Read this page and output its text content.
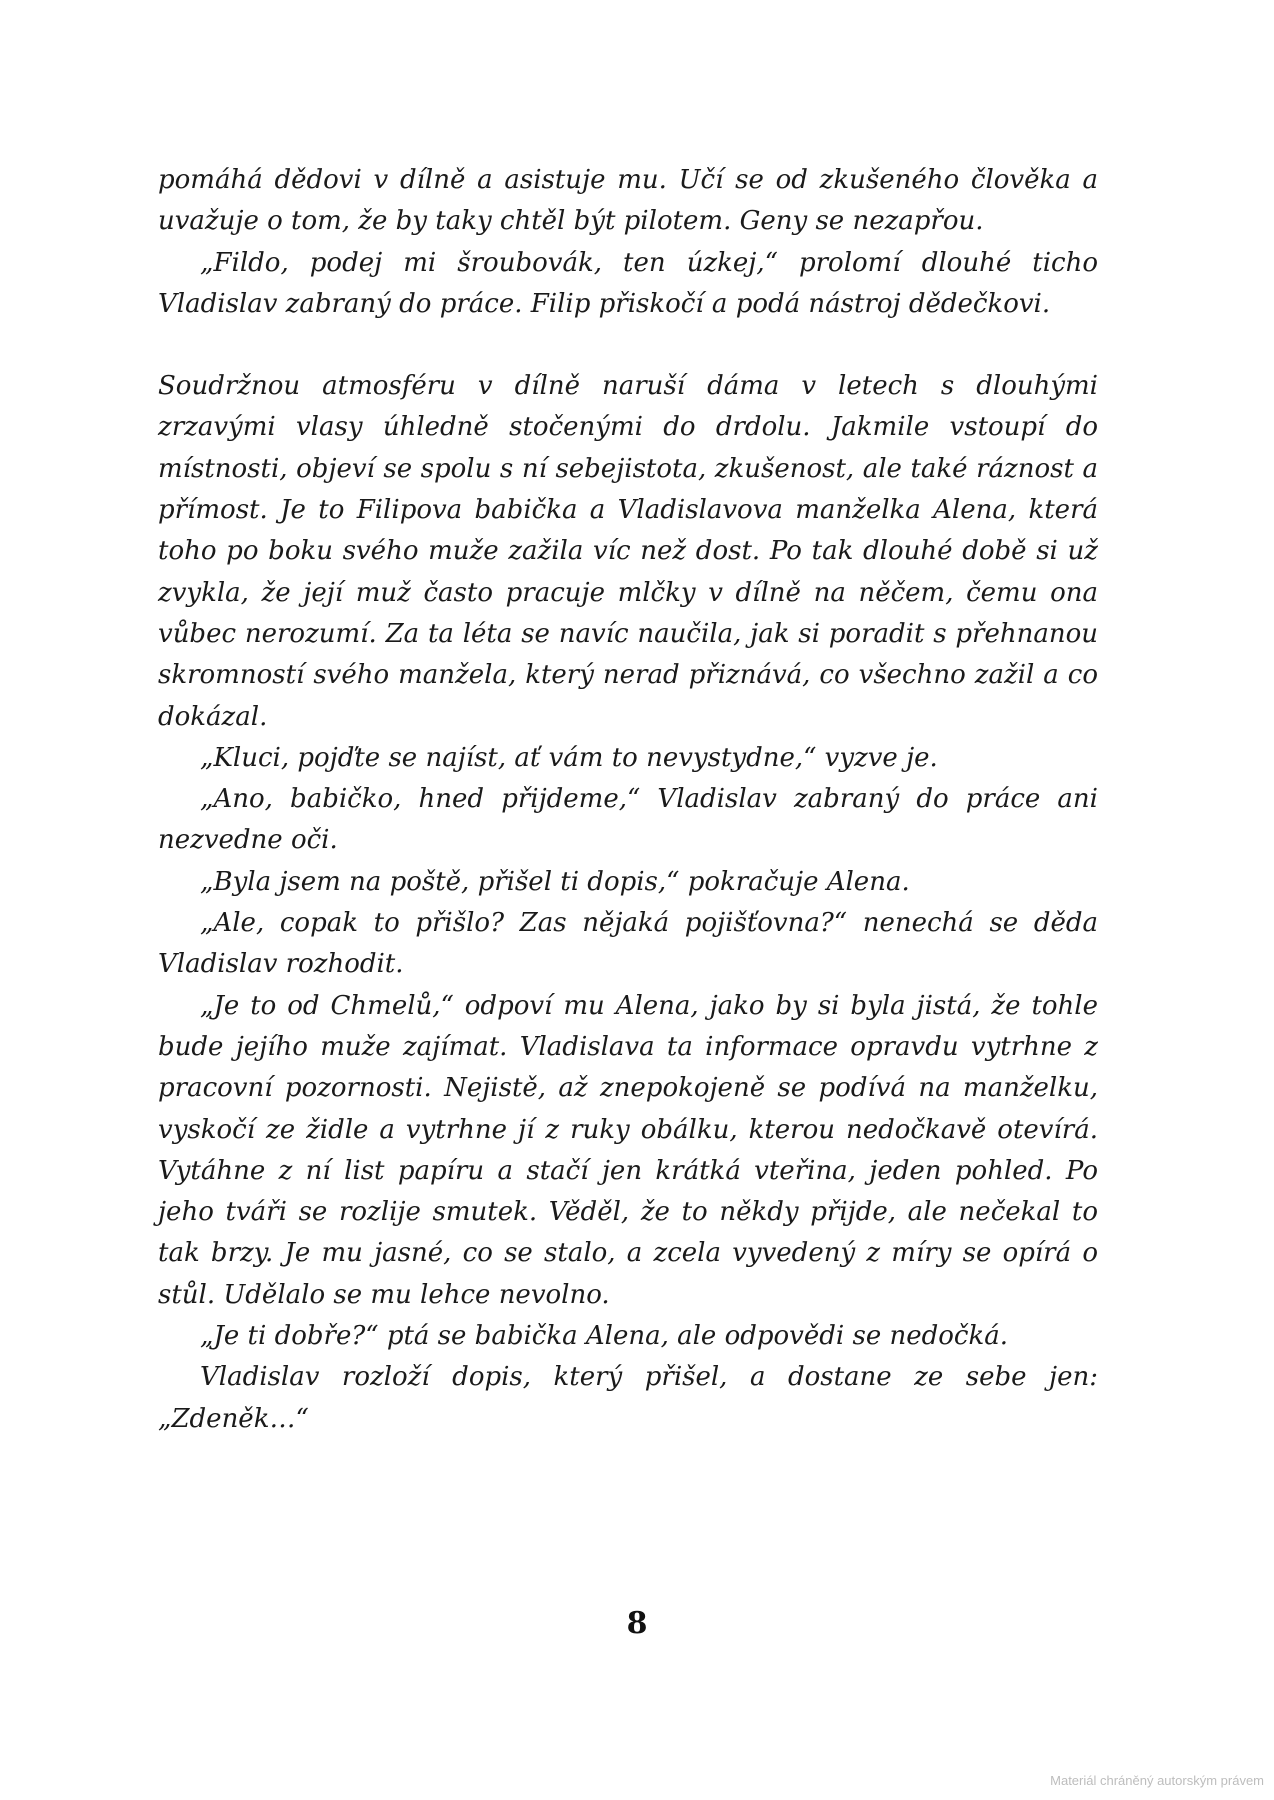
pomáhá dědovi v dílně a asistuje mu. Učí se od zkušeného člověka a uvažuje o tom, že by taky chtěl být pilotem. Geny se nezapřou.

„Fildo, podej mi šroubovák, ten úzkej,“ prolomí dlouhé ticho Vladislav zabraný do práce. Filip přiskočí a podá nástroj dědečkovi.

Soudržnou atmosféru v dílně naruší dáma v letech s dlouhými zrzavými vlasy úhledně stočenými do drdolu. Jakmile vstoupí do místnosti, objeví se spolu s ní sebejistota, zkušenost, ale také ráznost a přímost. Je to Filipova babička a Vladislavova manželka Alena, která toho po boku svého muže zažila víc než dost. Po tak dlouhé době si už zvykla, že její muž často pracuje mlčky v dílně na něčem, čemu ona vůbec nerozumí. Za ta léta se navíc naučila, jak si poradit s přehnanou skromností svého manžela, který nerad přiznává, co všechno zažil a co dokázal.

„Kluci, pojďte se najíst, ať vám to nevystydne,“ vyzve je.

„Ano, babičko, hned přijdeme,“ Vladislav zabraný do práce ani nezvedne oči.

„Byla jsem na poště, přišel ti dopis,“ pokračuje Alena.

„Ale, copak to přišlo? Zas nějaká pojišťovna?“ nenechá se děda Vladislav rozhodit.

„Je to od Chmelů,“ odpoví mu Alena, jako by si byla jistá, že tohle bude jejího muže zajímat. Vladislava ta informace opravdu vytrhne z pracovní pozornosti. Nejistě, až znepokojeně se podívá na manželku, vyskočí ze židle a vytrhne jí z ruky obálku, kterou nedočkavě otevírá. Vytáhne z ní list papíru a stačí jen krátká vteřina, jeden pohled. Po jeho tváři se rozlije smutek. Věděl, že to někdy přijde, ale nečekal to tak brzy. Je mu jasné, co se stalo, a zcela vyvedený z míry se opírá o stůl. Udělalo se mu lehce nevolno.

„Je ti dobře?“ ptá se babička Alena, ale odpovědi se nedočká.

Vladislav rozloží dopis, který přišel, a dostane ze sebe jen: „Zdeněk…“

8
Materiál chráněný autorským právem
